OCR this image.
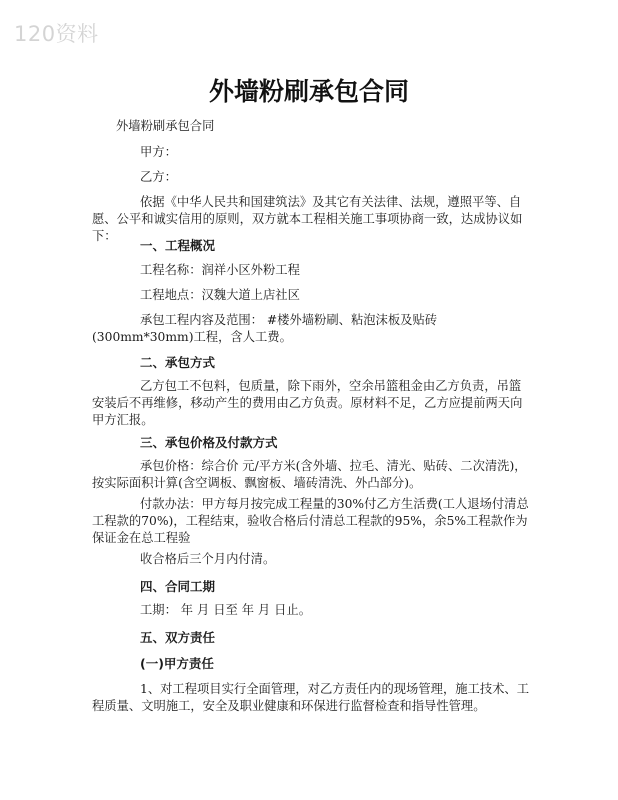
120资料
外墙粉刷承包合同
外墙粉刷承包合同
甲方：
乙方：
依据《中华人民共和国建筑法》及其它有关法律、法规，遵照平等、自愿、公平和诚实信用的原则，双方就本工程相关施工事项协商一致，达成协议如下：
一、工程概况
工程名称：润祥小区外粉工程
工程地点：汉魏大道上店社区
承包工程内容及范围： #楼外墙粉刷、粘泡沫板及贴砖(300mm*30mm)工程，含人工费。
二、承包方式
乙方包工不包料，包质量，除下雨外，空余吊篮租金由乙方负责，吊篮安装后不再维修，移动产生的费用由乙方负责。原材料不足，乙方应提前两天向甲方汇报。
三、承包价格及付款方式
承包价格：综合价 元/平方米(含外墙、拉毛、清光、贴砖、二次清洗)，按实际面积计算(含空调板、飘窗板、墙砖清洗、外凸部分)。
付款办法：甲方每月按完成工程量的30%付乙方生活费(工人退场付清总工程款的70%)，工程结束，验收合格后付清总工程款的95%，余5%工程款作为保证金在总工程验
收合格后三个月内付清。
四、合同工期
工期： 年 月 日至 年 月 日止。
五、双方责任
(一)甲方责任
1、对工程项目实行全面管理，对乙方责任内的现场管理，施工技术、工程质量、文明施工，安全及职业健康和环保进行监督检查和指导性管理。
